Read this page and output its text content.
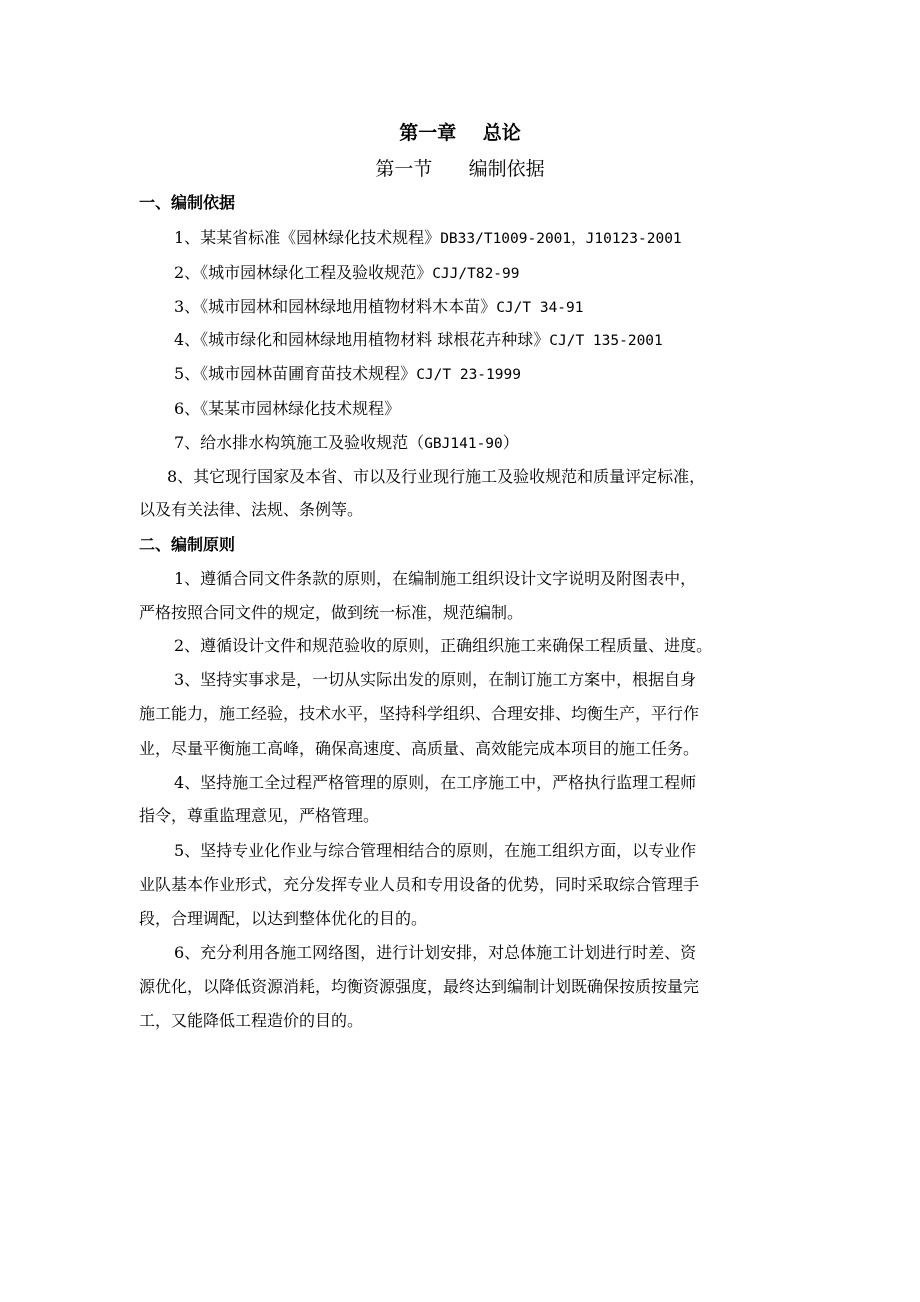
第一章    总论
第一节      编制依据
一、编制依据
1、某某省标准《园林绿化技术规程》DB33/T1009-2001，J10123-2001
2、《城市园林绿化工程及验收规范》CJJ/T82-99
3、《城市园林和园林绿地用植物材料木本苗》CJ/T 34-91
4、《城市绿化和园林绿地用植物材料 球根花卉种球》CJ/T 135-2001
5、《城市园林苗圃育苗技术规程》CJ/T 23-1999
6、《某某市园林绿化技术规程》
7、给水排水构筑施工及验收规范（GBJ141-90）
8、其它现行国家及本省、市以及行业现行施工及验收规范和质量评定标准，
以及有关法律、法规、条例等。
二、编制原则
1、遵循合同文件条款的原则，在编制施工组织设计文字说明及附图表中，
严格按照合同文件的规定，做到统一标准，规范编制。
2、遵循设计文件和规范验收的原则，正确组织施工来确保工程质量、进度。
3、坚持实事求是，一切从实际出发的原则，在制订施工方案中，根据自身
施工能力，施工经验，技术水平，坚持科学组织、合理安排、均衡生产，平行作
业，尽量平衡施工高峰，确保高速度、高质量、高效能完成本项目的施工任务。
4、坚持施工全过程严格管理的原则，在工序施工中，严格执行监理工程师
指令，尊重监理意见，严格管理。
5、坚持专业化作业与综合管理相结合的原则，在施工组织方面，以专业作
业队基本作业形式，充分发挥专业人员和专用设备的优势，同时采取综合管理手
段，合理调配，以达到整体优化的目的。
6、充分利用各施工网络图，进行计划安排，对总体施工计划进行时差、资
源优化，以降低资源消耗，均衡资源强度，最终达到编制计划既确保按质按量完
工，又能降低工程造价的目的。
